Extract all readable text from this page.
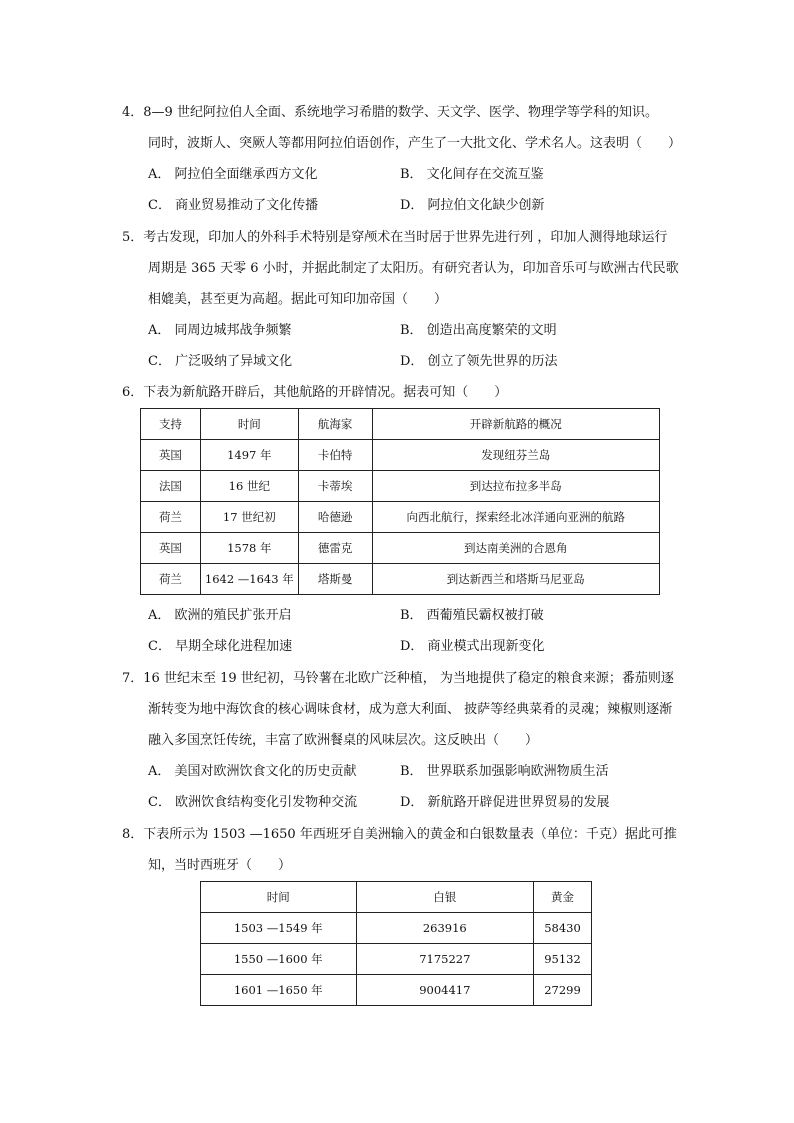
4．8—9 世纪阿拉伯人全面、系统地学习希腊的数学、天文学、医学、物理学等学科的知识。
同时，波斯人、突厥人等都用阿拉伯语创作，产生了一大批文化、学术名人。这表明（　　）
A． 阿拉伯全面继承西方文化	B． 文化间存在交流互鉴
C． 商业贸易推动了文化传播	D． 阿拉伯文化缺少创新
5．考古发现，印加人的外科手术特别是穿颅术在当时居于世界先进行列 ，印加人测得地球运行
周期是 365 天零 6 小时，并据此制定了太阳历。有研究者认为，印加音乐可与欧洲古代民歌
相媲美，甚至更为高超。据此可知印加帝国（　　）
A． 同周边城邦战争频繁	B． 创造出高度繁荣的文明
C． 广泛吸纳了异域文化	D． 创立了领先世界的历法
6．下表为新航路开辟后，其他航路的开辟情况。据表可知（　　）
支持	时间	航海家	开辟新航路的概况
英国	1497 年	卡伯特	发现纽芬兰岛
法国	16 世纪	卡蒂埃	到达拉布拉多半岛
荷兰	17 世纪初	哈德逊	向西北航行，探索经北冰洋通向亚洲的航路
英国	1578 年	德雷克	到达南美洲的合恩角
荷兰	1642 —1643 年	塔斯曼	到达新西兰和塔斯马尼亚岛
A． 欧洲的殖民扩张开启	B． 西葡殖民霸权被打破
C． 早期全球化进程加速	D． 商业模式出现新变化
7．16 世纪末至 19 世纪初，马铃薯在北欧广泛种植， 为当地提供了稳定的粮食来源；番茄则逐
渐转变为地中海饮食的核心调味食材，成为意大利面、 披萨等经典菜肴的灵魂；辣椒则逐渐
融入多国烹饪传统，丰富了欧洲餐桌的风味层次。这反映出（　　）
A． 美国对欧洲饮食文化的历史贡献	B． 世界联系加强影响欧洲物质生活
C． 欧洲饮食结构变化引发物种交流	D． 新航路开辟促进世界贸易的发展
8．下表所示为 1503 —1650 年西班牙自美洲输入的黄金和白银数量表（单位：千克）据此可推
知，当时西班牙（　　）
时间	白银	黄金
1503 —1549 年	263916	58430
1550 —1600 年	7175227	95132
1601 —1650 年	9004417	27299
